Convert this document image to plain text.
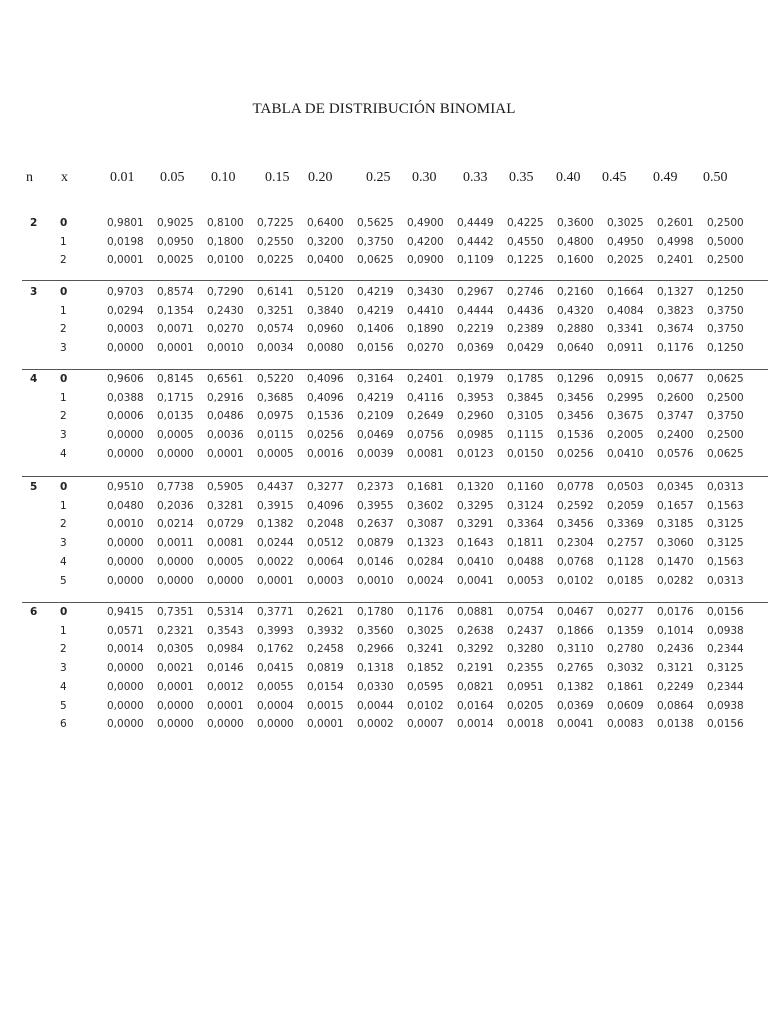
TABLA DE DISTRIBUCIÓN BINOMIAL
n x	0.01 0.05 0.10 0.15 0.20 0.25 0.30 0.33 0.35 0.40 0.45 0.49 0.50
2 0	0,9801 0,9025 0,8100 0,7225 0,6400 0,5625 0,4900 0,4449 0,4225 0,3600 0,3025 0,2601 0,2500
1	0,0198 0,0950 0,1800 0,2550 0,3200 0,3750 0,4200 0,4442 0,4550 0,4800 0,4950 0,4998 0,5000
2	0,0001 0,0025 0,0100 0,0225 0,0400 0,0625 0,0900 0,1109 0,1225 0,1600 0,2025 0,2401 0,2500
3 0	0,9703 0,8574 0,7290 0,6141 0,5120 0,4219 0,3430 0,2967 0,2746 0,2160 0,1664 0,1327 0,1250
1	0,0294 0,1354 0,2430 0,3251 0,3840 0,4219 0,4410 0,4444 0,4436 0,4320 0,4084 0,3823 0,3750
2	0,0003 0,0071 0,0270 0,0574 0,0960 0,1406 0,1890 0,2219 0,2389 0,2880 0,3341 0,3674 0,3750
3	0,0000 0,0001 0,0010 0,0034 0,0080 0,0156 0,0270 0,0369 0,0429 0,0640 0,0911 0,1176 0,1250
4 0	0,9606 0,8145 0,6561 0,5220 0,4096 0,3164 0,2401 0,1979 0,1785 0,1296 0,0915 0,0677 0,0625
1	0,0388 0,1715 0,2916 0,3685 0,4096 0,4219 0,4116 0,3953 0,3845 0,3456 0,2995 0,2600 0,2500
2	0,0006 0,0135 0,0486 0,0975 0,1536 0,2109 0,2649 0,2960 0,3105 0,3456 0,3675 0,3747 0,3750
3	0,0000 0,0005 0,0036 0,0115 0,0256 0,0469 0,0756 0,0985 0,1115 0,1536 0,2005 0,2400 0,2500
4	0,0000 0,0000 0,0001 0,0005 0,0016 0,0039 0,0081 0,0123 0,0150 0,0256 0,0410 0,0576 0,0625
5 0	0,9510 0,7738 0,5905 0,4437 0,3277 0,2373 0,1681 0,1320 0,1160 0,0778 0,0503 0,0345 0,0313
1	0,0480 0,2036 0,3281 0,3915 0,4096 0,3955 0,3602 0,3295 0,3124 0,2592 0,2059 0,1657 0,1563
2	0,0010 0,0214 0,0729 0,1382 0,2048 0,2637 0,3087 0,3291 0,3364 0,3456 0,3369 0,3185 0,3125
3	0,0000 0,0011 0,0081 0,0244 0,0512 0,0879 0,1323 0,1643 0,1811 0,2304 0,2757 0,3060 0,3125
4	0,0000 0,0000 0,0005 0,0022 0,0064 0,0146 0,0284 0,0410 0,0488 0,0768 0,1128 0,1470 0,1563
5	0,0000 0,0000 0,0000 0,0001 0,0003 0,0010 0,0024 0,0041 0,0053 0,0102 0,0185 0,0282 0,0313
6 0	0,9415 0,7351 0,5314 0,3771 0,2621 0,1780 0,1176 0,0881 0,0754 0,0467 0,0277 0,0176 0,0156
1	0,0571 0,2321 0,3543 0,3993 0,3932 0,3560 0,3025 0,2638 0,2437 0,1866 0,1359 0,1014 0,0938
2	0,0014 0,0305 0,0984 0,1762 0,2458 0,2966 0,3241 0,3292 0,3280 0,3110 0,2780 0,2436 0,2344
3	0,0000 0,0021 0,0146 0,0415 0,0819 0,1318 0,1852 0,2191 0,2355 0,2765 0,3032 0,3121 0,3125
4	0,0000 0,0001 0,0012 0,0055 0,0154 0,0330 0,0595 0,0821 0,0951 0,1382 0,1861 0,2249 0,2344
5	0,0000 0,0000 0,0001 0,0004 0,0015 0,0044 0,0102 0,0164 0,0205 0,0369 0,0609 0,0864 0,0938
6	0,0000 0,0000 0,0000 0,0000 0,0001 0,0002 0,0007 0,0014 0,0018 0,0041 0,0083 0,0138 0,0156
